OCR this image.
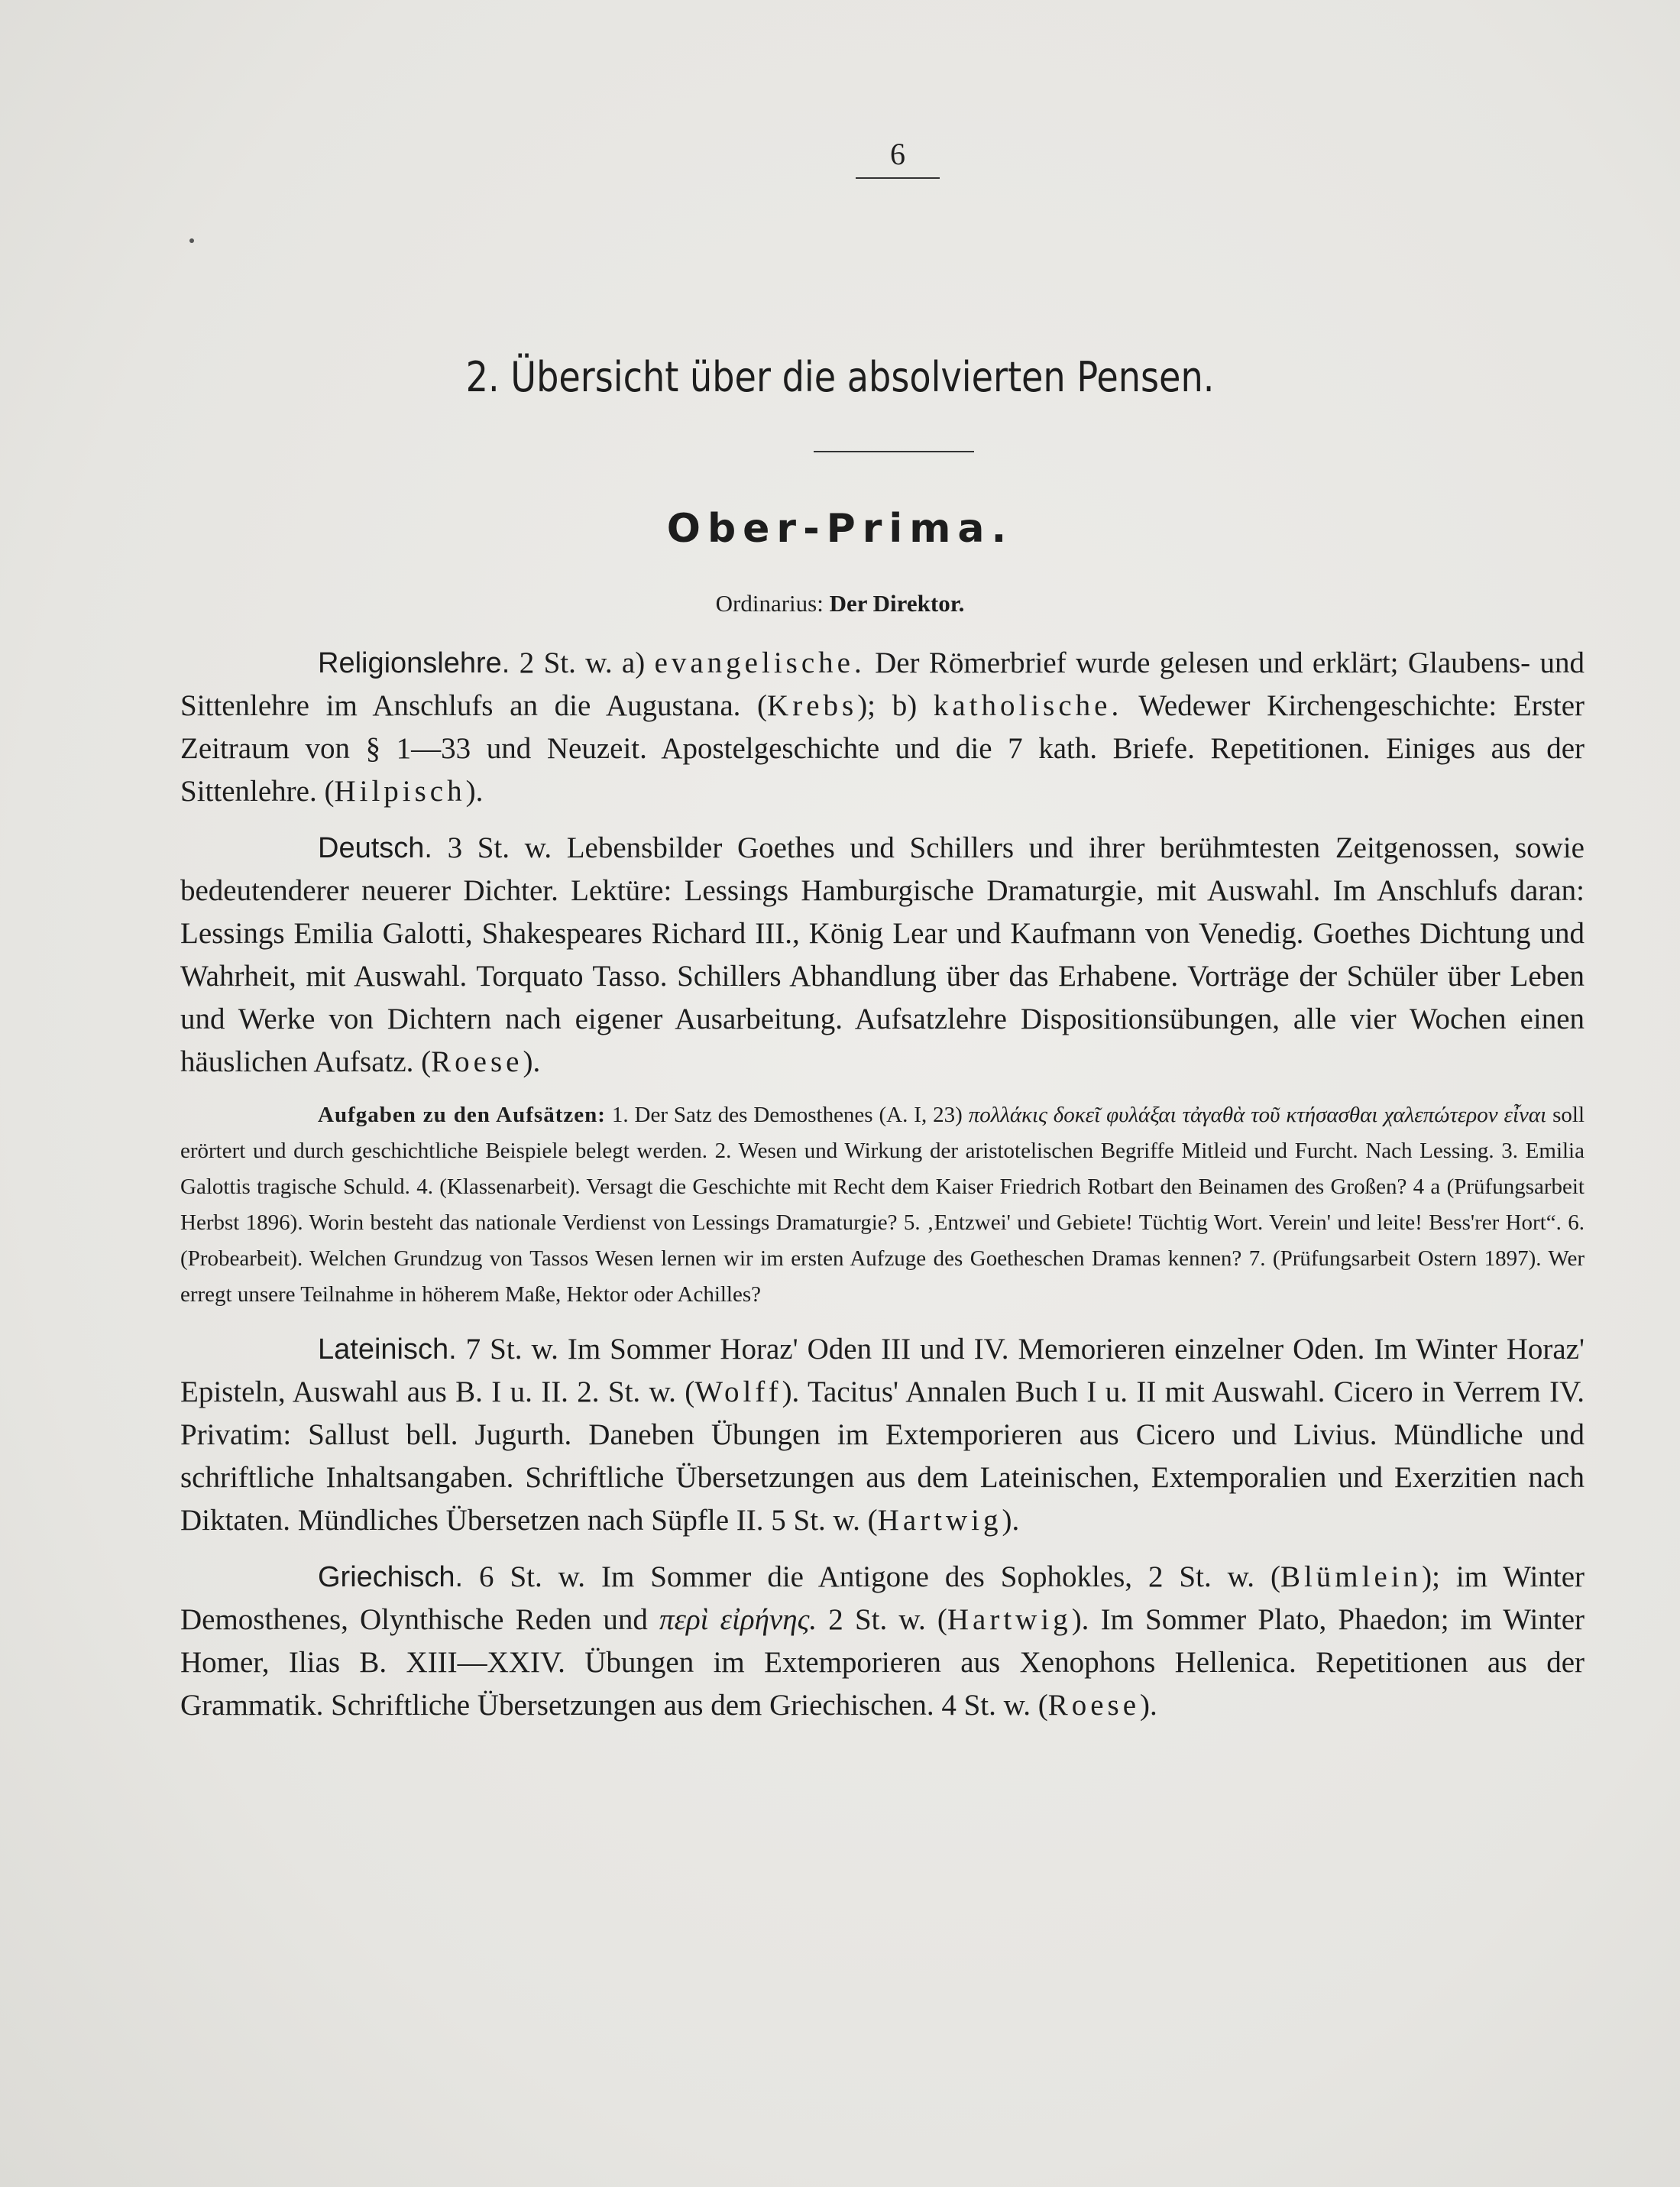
6
2. Übersicht über die absolvierten Pensen.
Ober-Prima.
Ordinarius: Der Direktor.

Religionslehre. 2 St. w. a) evangelische. Der Römerbrief wurde gelesen und erklärt; Glaubens- und Sittenlehre im Anschlufs an die Augustana. (Krebs); b) katholische. Wedewer Kirchengeschichte: Erster Zeitraum von § 1—33 und Neuzeit. Apostelgeschichte und die 7 kath. Briefe. Repetitionen. Einiges aus der Sittenlehre. (Hilpisch).

Deutsch. 3 St. w. Lebensbilder Goethes und Schillers und ihrer berühmtesten Zeitgenossen, sowie bedeutenderer neuerer Dichter. Lektüre: Lessings Hamburgische Dramaturgie, mit Auswahl. Im Anschlufs daran: Lessings Emilia Galotti, Shakespeares Richard III., König Lear und Kaufmann von Venedig. Goethes Dichtung und Wahrheit, mit Auswahl. Torquato Tasso. Schillers Abhandlung über das Erhabene. Vorträge der Schüler über Leben und Werke von Dichtern nach eigener Ausarbeitung. Aufsatzlehre Dispositionsübungen, alle vier Wochen einen häuslichen Aufsatz. (Roese).

Aufgaben zu den Aufsätzen: 1. Der Satz des Demosthenes (A. I, 23) πολλάκις δοκεῖ φυλάξαι τἀγαθὰ τοῦ κτήσασθαι χαλεπώτερον εἶναι soll erörtert und durch geschichtliche Beispiele belegt werden. 2. Wesen und Wirkung der aristotelischen Begriffe Mitleid und Furcht. Nach Lessing. 3. Emilia Galottis tragische Schuld. 4. (Klassenarbeit). Versagt die Geschichte mit Recht dem Kaiser Friedrich Rotbart den Beinamen des Großen? 4 a (Prüfungsarbeit Herbst 1896). Worin besteht das nationale Verdienst von Lessings Dramaturgie? 5. ‚Entzwei' und Gebiete! Tüchtig Wort. Verein' und leite! Bess'rer Hort“. 6. (Probearbeit). Welchen Grundzug von Tassos Wesen lernen wir im ersten Aufzuge des Goetheschen Dramas kennen? 7. (Prüfungsarbeit Ostern 1897). Wer erregt unsere Teilnahme in höherem Maße, Hektor oder Achilles?

Lateinisch. 7 St. w. Im Sommer Horaz' Oden III und IV. Memorieren einzelner Oden. Im Winter Horaz' Episteln, Auswahl aus B. I u. II. 2. St. w. (Wolff). Tacitus' Annalen Buch I u. II mit Auswahl. Cicero in Verrem IV. Privatim: Sallust bell. Jugurth. Daneben Übungen im Extemporieren aus Cicero und Livius. Mündliche und schriftliche Inhaltsangaben. Schriftliche Übersetzungen aus dem Lateinischen, Extemporalien und Exerzitien nach Diktaten. Mündliches Übersetzen nach Süpfle II. 5 St. w. (Hartwig).

Griechisch. 6 St. w. Im Sommer die Antigone des Sophokles, 2 St. w. (Blümlein); im Winter Demosthenes, Olynthische Reden und περὶ εἰρήνης. 2 St. w. (Hartwig). Im Sommer Plato, Phaedon; im Winter Homer, Ilias B. XIII—XXIV. Übungen im Extemporieren aus Xenophons Hellenica. Repetitionen aus der Grammatik. Schriftliche Übersetzungen aus dem Griechischen. 4 St. w. (Roese).
